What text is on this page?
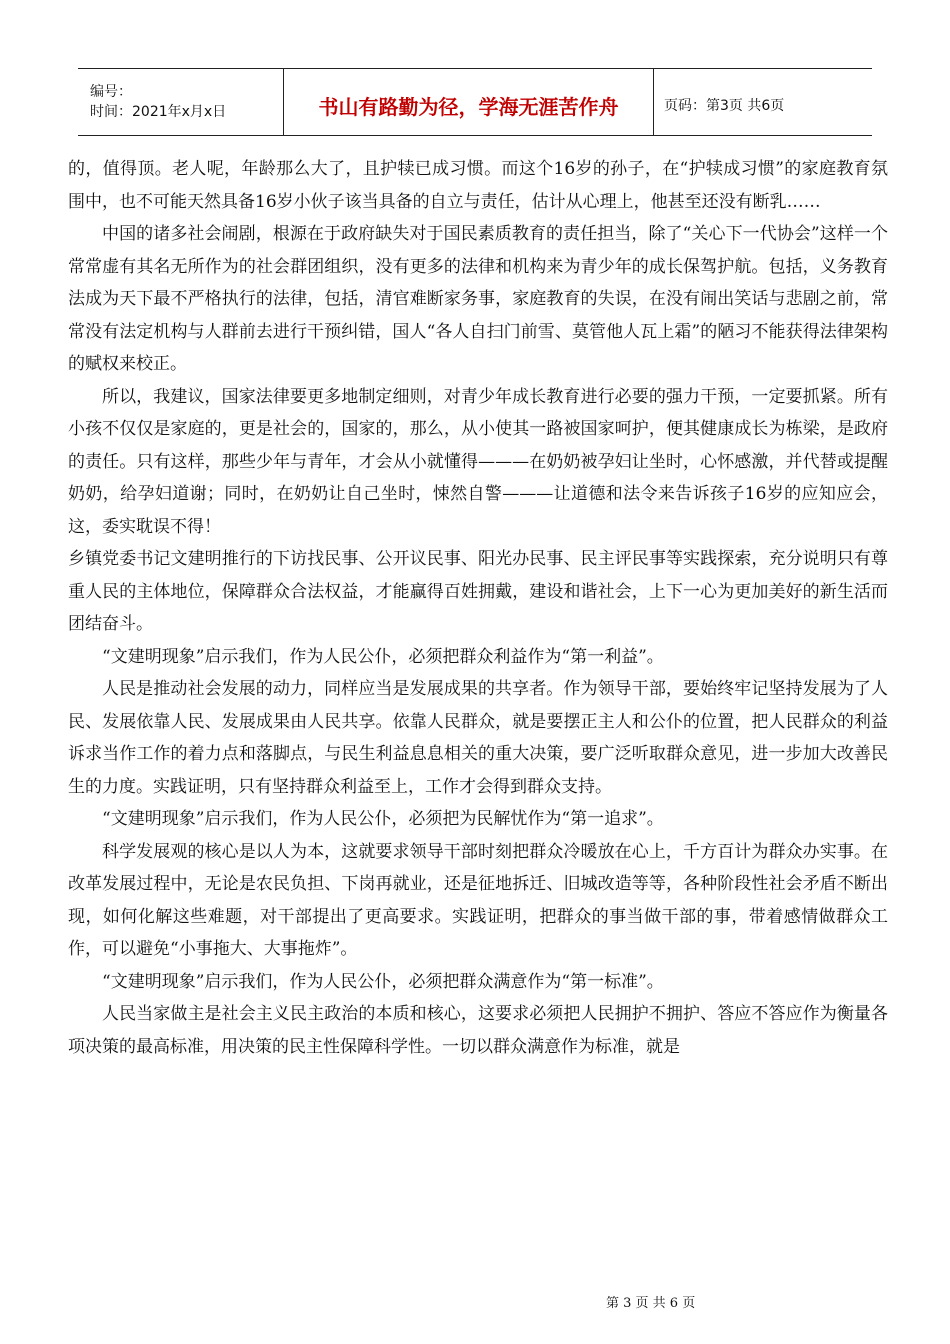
编号：
时间：2021年x月x日	书山有路勤为径，学海无涯苦作舟	页码：第3页 共6页

的，值得顶。老人呢，年龄那么大了，且护犊已成习惯。而这个16岁的孙子，在“护犊成习惯”的家庭教育氛围中，也不可能天然具备16岁小伙子该当具备的自立与责任，估计从心理上，他甚至还没有断乳……

中国的诸多社会闹剧，根源在于政府缺失对于国民素质教育的责任担当，除了“关心下一代协会”这样一个常常虚有其名无所作为的社会群团组织，没有更多的法律和机构来为青少年的成长保驾护航。包括，义务教育法成为天下最不严格执行的法律，包括，清官难断家务事，家庭教育的失误，在没有闹出笑话与悲剧之前，常常没有法定机构与人群前去进行干预纠错，国人“各人自扫门前雪、莫管他人瓦上霜”的陋习不能获得法律架构的赋权来校正。

所以，我建议，国家法律要更多地制定细则，对青少年成长教育进行必要的强力干预，一定要抓紧。所有小孩不仅仅是家庭的，更是社会的，国家的，那么，从小使其一路被国家呵护，便其健康成长为栋梁，是政府的责任。只有这样，那些少年与青年，才会从小就懂得———在奶奶被孕妇让坐时，心怀感激，并代替或提醒奶奶，给孕妇道谢；同时，在奶奶让自己坐时，悚然自警———让道德和法令来告诉孩子16岁的应知应会，这，委实耽误不得！

乡镇党委书记文建明推行的下访找民事、公开议民事、阳光办民事、民主评民事等实践探索，充分说明只有尊重人民的主体地位，保障群众合法权益，才能赢得百姓拥戴，建设和谐社会，上下一心为更加美好的新生活而团结奋斗。

“文建明现象”启示我们，作为人民公仆，必须把群众利益作为“第一利益”。

人民是推动社会发展的动力，同样应当是发展成果的共享者。作为领导干部，要始终牢记坚持发展为了人民、发展依靠人民、发展成果由人民共享。依靠人民群众，就是要摆正主人和公仆的位置，把人民群众的利益诉求当作工作的着力点和落脚点，与民生利益息息相关的重大决策，要广泛听取群众意见，进一步加大改善民生的力度。实践证明，只有坚持群众利益至上，工作才会得到群众支持。

“文建明现象”启示我们，作为人民公仆，必须把为民解忧作为“第一追求”。

科学发展观的核心是以人为本，这就要求领导干部时刻把群众冷暖放在心上，千方百计为群众办实事。在改革发展过程中，无论是农民负担、下岗再就业，还是征地拆迁、旧城改造等等，各种阶段性社会矛盾不断出现，如何化解这些难题，对干部提出了更高要求。实践证明，把群众的事当做干部的事，带着感情做群众工作，可以避免“小事拖大、大事拖炸”。

“文建明现象”启示我们，作为人民公仆，必须把群众满意作为“第一标准”。

人民当家做主是社会主义民主政治的本质和核心，这要求必须把人民拥护不拥护、答应不答应作为衡量各项决策的最高标准，用决策的民主性保障科学性。一切以群众满意作为标准，就是

第 3 页 共 6 页
